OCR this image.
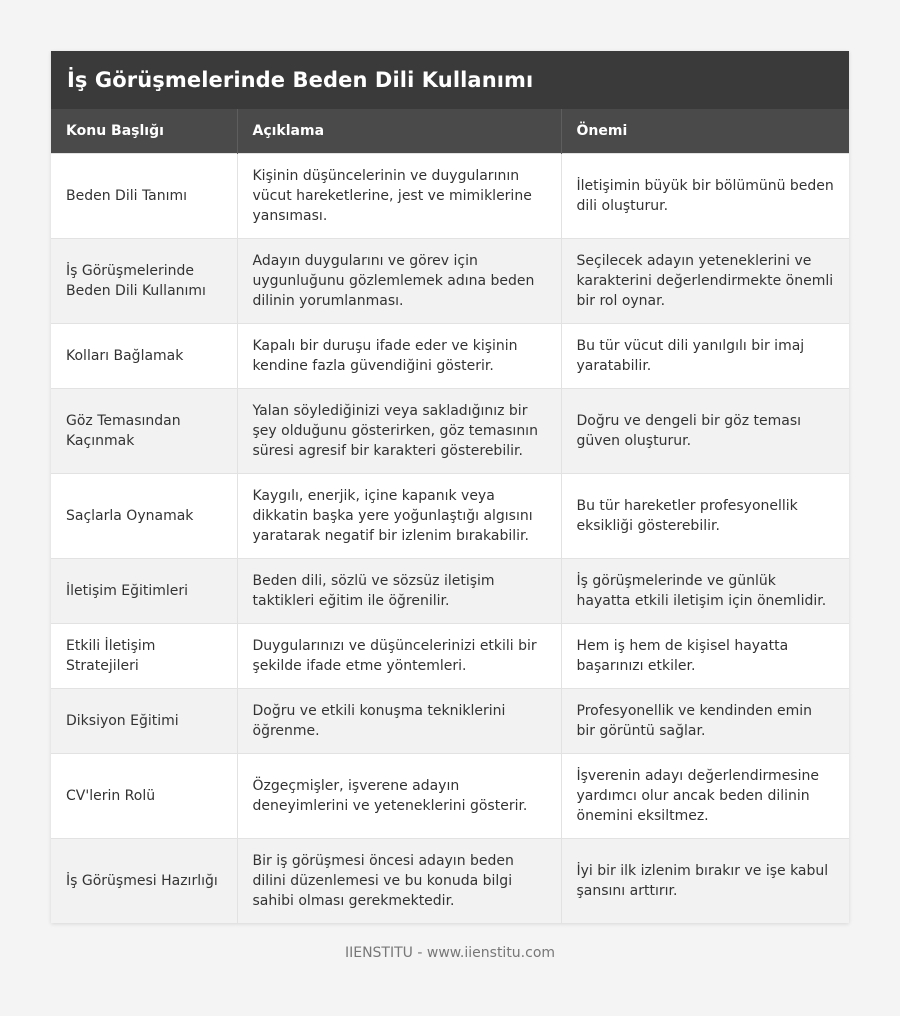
İş Görüşmelerinde Beden Dili Kullanımı
Konu Başlığı	Açıklama	Önemi
Beden Dili Tanımı	Kişinin düşüncelerinin ve duygularının vücut hareketlerine, jest ve mimiklerine yansıması.	İletişimin büyük bir bölümünü beden dili oluşturur.
İş Görüşmelerinde Beden Dili Kullanımı	Adayın duygularını ve görev için uygunluğunu gözlemlemek adına beden dilinin yorumlanması.	Seçilecek adayın yeteneklerini ve karakterini değerlendirmekte önemli bir rol oynar.
Kolları Bağlamak	Kapalı bir duruşu ifade eder ve kişinin kendine fazla güvendiğini gösterir.	Bu tür vücut dili yanılgılı bir imaj yaratabilir.
Göz Temasından Kaçınmak	Yalan söylediğinizi veya sakladığınız bir şey olduğunu gösterirken, göz temasının süresi agresif bir karakteri gösterebilir.	Doğru ve dengeli bir göz teması güven oluşturur.
Saçlarla Oynamak	Kaygılı, enerjik, içine kapanık veya dikkatin başka yere yoğunlaştığı algısını yaratarak negatif bir izlenim bırakabilir.	Bu tür hareketler profesyonellik eksikliği gösterebilir.
İletişim Eğitimleri	Beden dili, sözlü ve sözsüz iletişim taktikleri eğitim ile öğrenilir.	İş görüşmelerinde ve günlük hayatta etkili iletişim için önemlidir.
Etkili İletişim Stratejileri	Duygularınızı ve düşüncelerinizi etkili bir şekilde ifade etme yöntemleri.	Hem iş hem de kişisel hayatta başarınızı etkiler.
Diksiyon Eğitimi	Doğru ve etkili konuşma tekniklerini öğrenme.	Profesyonellik ve kendinden emin bir görüntü sağlar.
CV'lerin Rolü	Özgeçmişler, işverene adayın deneyimlerini ve yeteneklerini gösterir.	İşverenin adayı değerlendirmesine yardımcı olur ancak beden dilinin önemini eksiltmez.
İş Görüşmesi Hazırlığı	Bir iş görüşmesi öncesi adayın beden dilini düzenlemesi ve bu konuda bilgi sahibi olması gerekmektedir.	İyi bir ilk izlenim bırakır ve işe kabul şansını arttırır.
IIENSTITU - www.iienstitu.com
